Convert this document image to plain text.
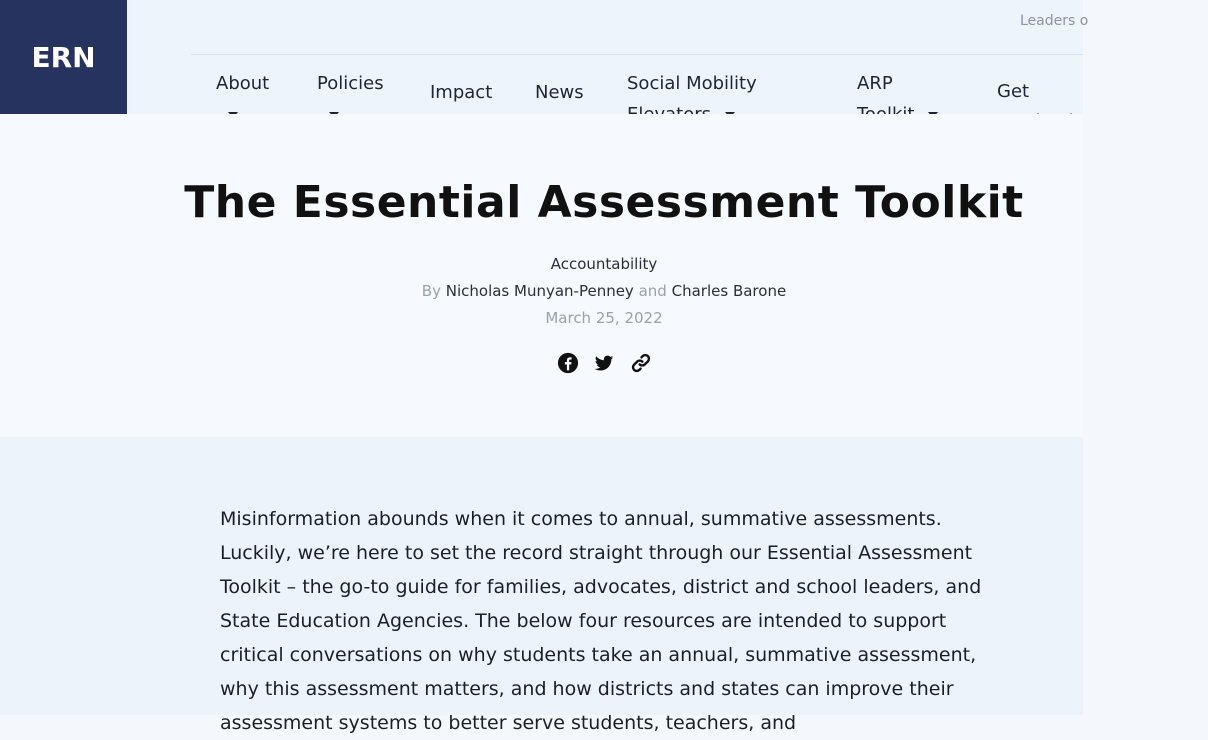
ERN
Leaders o
About	Policies	Impact News Social Mobility	ARP	Get
The Essential Assessment Toolkit
Accountability
By Nicholas Munyan-Penney and Charles Barone
March 25, 2022

Misinformation abounds when it comes to annual, summative assessments. Luckily, we’re here to set the record straight through our Essential Assessment Toolkit – the go-to guide for families, advocates, district and school leaders, and State Education Agencies. The below four resources are intended to support critical conversations on why students take an annual, summative assessment, why this assessment matters, and how districts and states can improve their assessment systems to better serve students, teachers, and
